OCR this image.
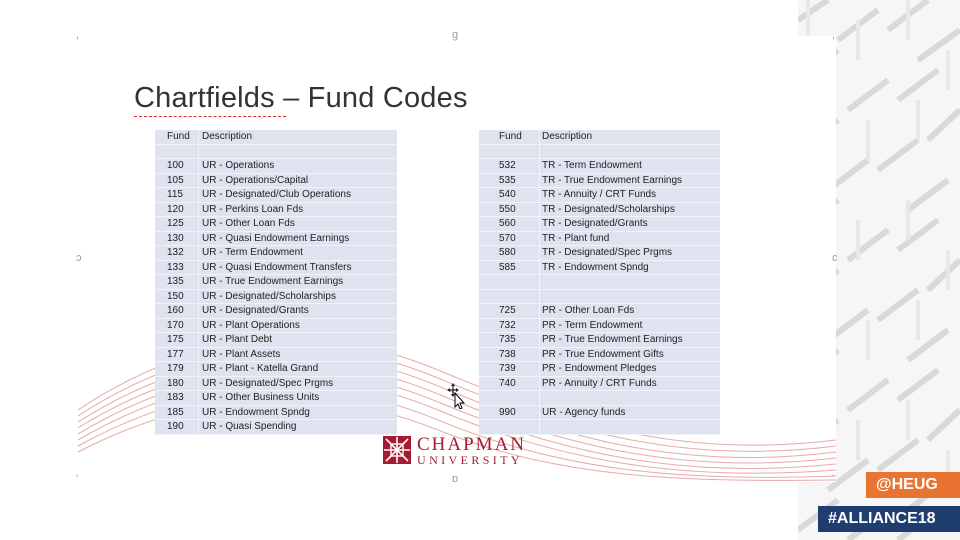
,	ɡ	,
ɔ	c
'	ɒ	'
Chartfields – Fund Codes
Fund	Description
100	UR - Operations
105	UR - Operations/Capital
115	UR - Designated/Club Operations
120	UR - Perkins Loan Fds
125	UR - Other Loan Fds
130	UR - Quasi Endowment Earnings
132	UR - Term Endowment
133	UR - Quasi Endowment Transfers
135	UR - True Endowment Earnings
150	UR - Designated/Scholarships
160	UR - Designated/Grants
170	UR - Plant Operations
175	UR - Plant Debt
177	UR - Plant Assets
179	UR - Plant - Katella Grand
180	UR - Designated/Spec Prgms
183	UR - Other Business Units
185	UR - Endowment Spndg
190	UR - Quasi Spending
Fund	Description
532	TR - Term Endowment
535	TR - True Endowment Earnings
540	TR - Annuity / CRT Funds
550	TR - Designated/Scholarships
560	TR - Designated/Grants
570	TR - Plant fund
580	TR - Designated/Spec Prgms
585	TR - Endowment Spndg
725	PR - Other Loan Fds
732	PR - Term Endowment
735	PR - True Endowment Earnings
738	PR - True Endowment Gifts
739	PR - Endowment Pledges
740	PR - Annuity / CRT Funds
990	UR - Agency funds
CHAPMAN
UNIVERSITY
@HEUG
#ALLIANCE18
